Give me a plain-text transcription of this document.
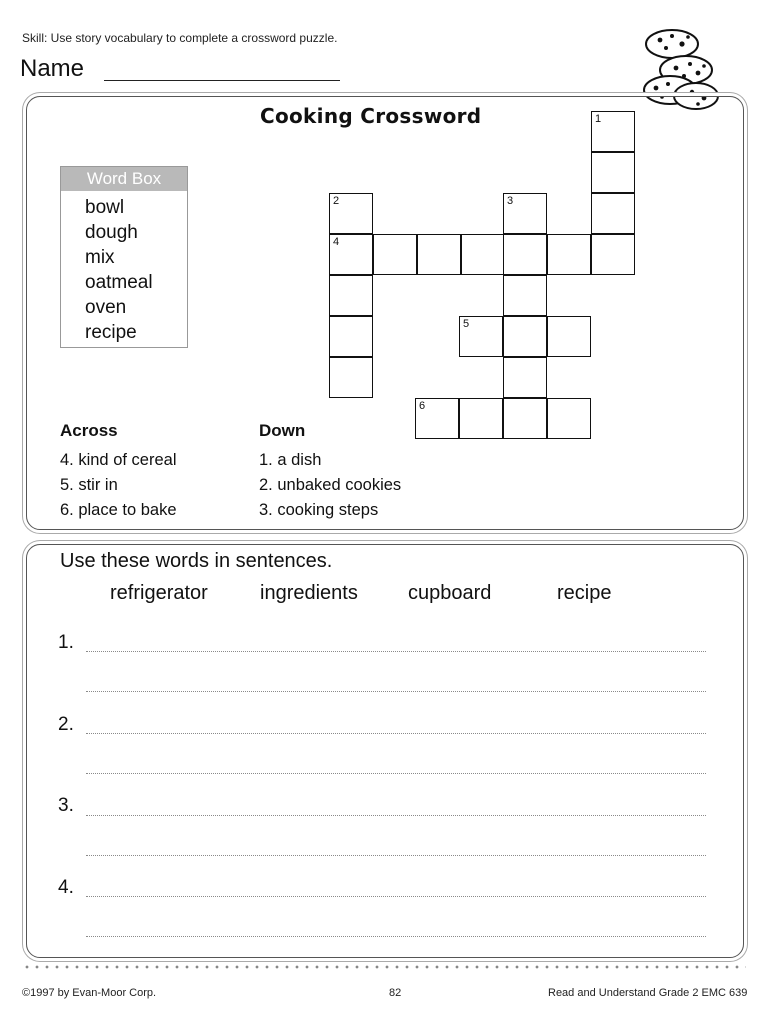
Skill: Use story vocabulary to complete a crossword puzzle.
Name
Cooking Crossword
Word Box
bowl
dough
mix
oatmeal
oven
recipe
1
2
4
3
5
6
Across
4. kind of cereal
5. stir in
6. place to bake
Down
1. a dish
2. unbaked cookies
3. cooking steps
Use these words in sentences.
refrigerator	ingredients	cupboard	recipe
1.
2.
3.
4.
©1997 by Evan-Moor Corp.	82	Read and Understand Grade 2 EMC 639
